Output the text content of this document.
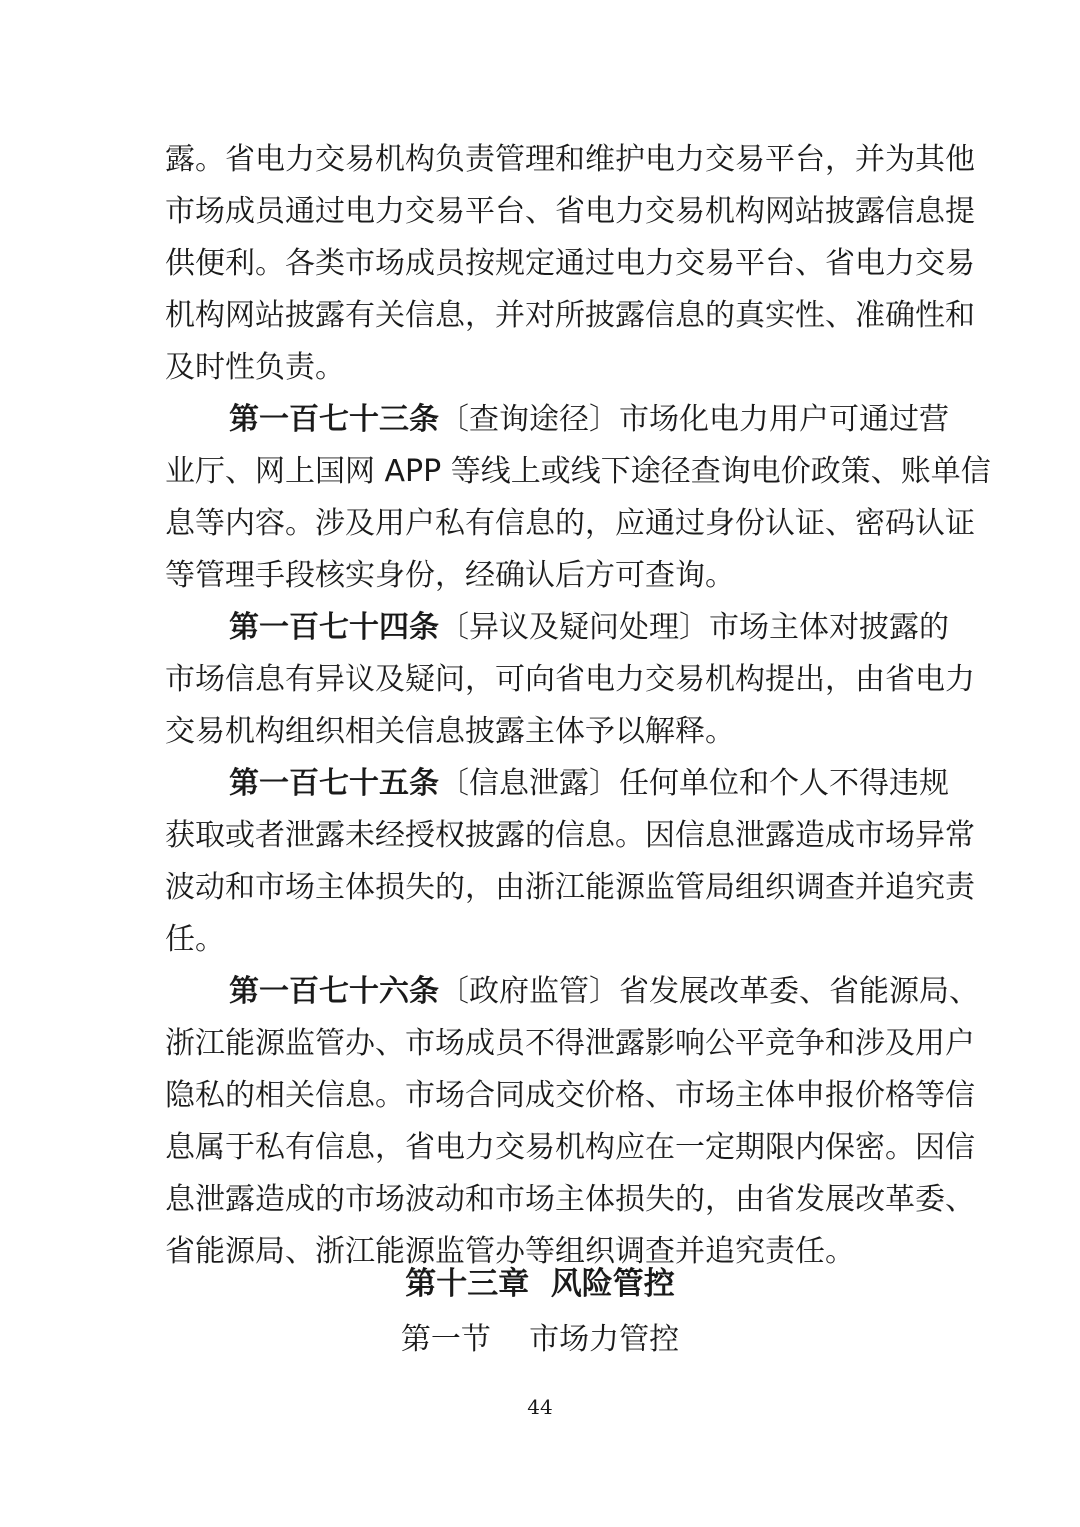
露。省电力交易机构负责管理和维护电力交易平台，并为其他
市场成员通过电力交易平台、省电力交易机构网站披露信息提
供便利。各类市场成员按规定通过电力交易平台、省电力交易
机构网站披露有关信息，并对所披露信息的真实性、准确性和
及时性负责。
第一百七十三条〔查询途径〕市场化电力用户可通过营
业厅、网上国网 APP 等线上或线下途径查询电价政策、账单信
息等内容。涉及用户私有信息的，应通过身份认证、密码认证
等管理手段核实身份，经确认后方可查询。
第一百七十四条〔异议及疑问处理〕市场主体对披露的
市场信息有异议及疑问，可向省电力交易机构提出，由省电力
交易机构组织相关信息披露主体予以解释。
第一百七十五条〔信息泄露〕任何单位和个人不得违规
获取或者泄露未经授权披露的信息。因信息泄露造成市场异常
波动和市场主体损失的，由浙江能源监管局组织调查并追究责
任。
第一百七十六条〔政府监管〕省发展改革委、省能源局、
浙江能源监管办、市场成员不得泄露影响公平竞争和涉及用户
隐私的相关信息。市场合同成交价格、市场主体申报价格等信
息属于私有信息，省电力交易机构应在一定期限内保密。因信
息泄露造成的市场波动和市场主体损失的，由省发展改革委、
省能源局、浙江能源监管办等组织调查并追究责任。
第十三章  风险管控
第一节    市场力管控
44
